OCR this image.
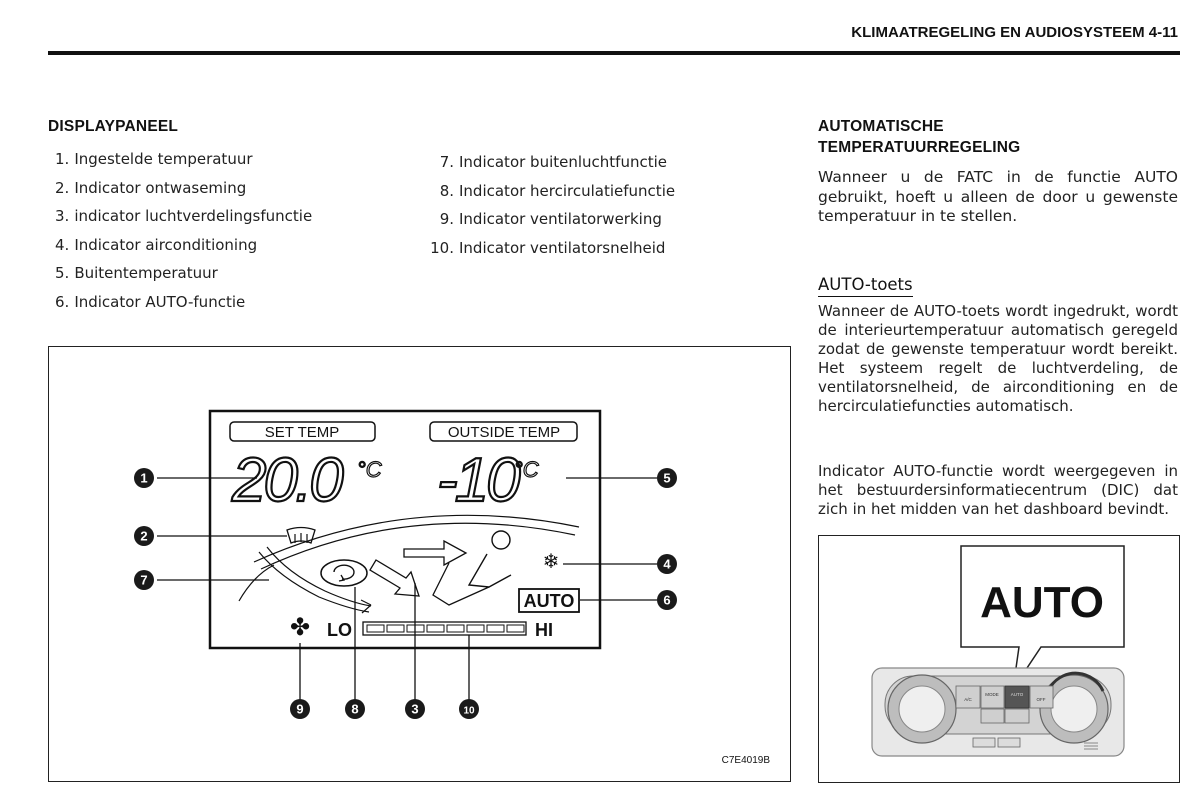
KLIMAATREGELING EN AUDIOSYSTEEM 4-11
DISPLAYPANEEL
1. Ingestelde temperatuur
2. Indicator ontwaseming
3. indicator luchtverdelingsfunctie
4. Indicator airconditioning
5. Buitentemperatuur
6. Indicator AUTO-functie
7. Indicator buitenluchtfunctie
8. Indicator hercirculatiefunctie
9. Indicator ventilatorwerking
10. Indicator ventilatorsnelheid
SET TEMP	OUTSIDE TEMP
20.0 -10
°C	°C
❄
AUTO
✤ LO	HI
1
2
3
4
5
6
7
8
9	10
C7E4019B
AUTOMATISCHE
TEMPERATUURREGELING

Wanneer u de FATC in de functie AUTO gebruikt, hoeft u alleen de door u gewenste temperatuur in te stellen.

AUTO-toets

Wanneer de AUTO-toets wordt ingedrukt, wordt de interieurtemperatuur automatisch geregeld zodat de gewenste temperatuur wordt bereikt. Het systeem regelt de luchtverdeling, de ventilatorsnelheid, de airconditioning en de hercirculatiefuncties automatisch.

Indicator AUTO-functie wordt weergegeven in het bestuurdersinformatiecentrum (DIC) dat zich in het midden van het dashboard bevindt.

AUTO
A/C
MODE	AUTO
OFF
